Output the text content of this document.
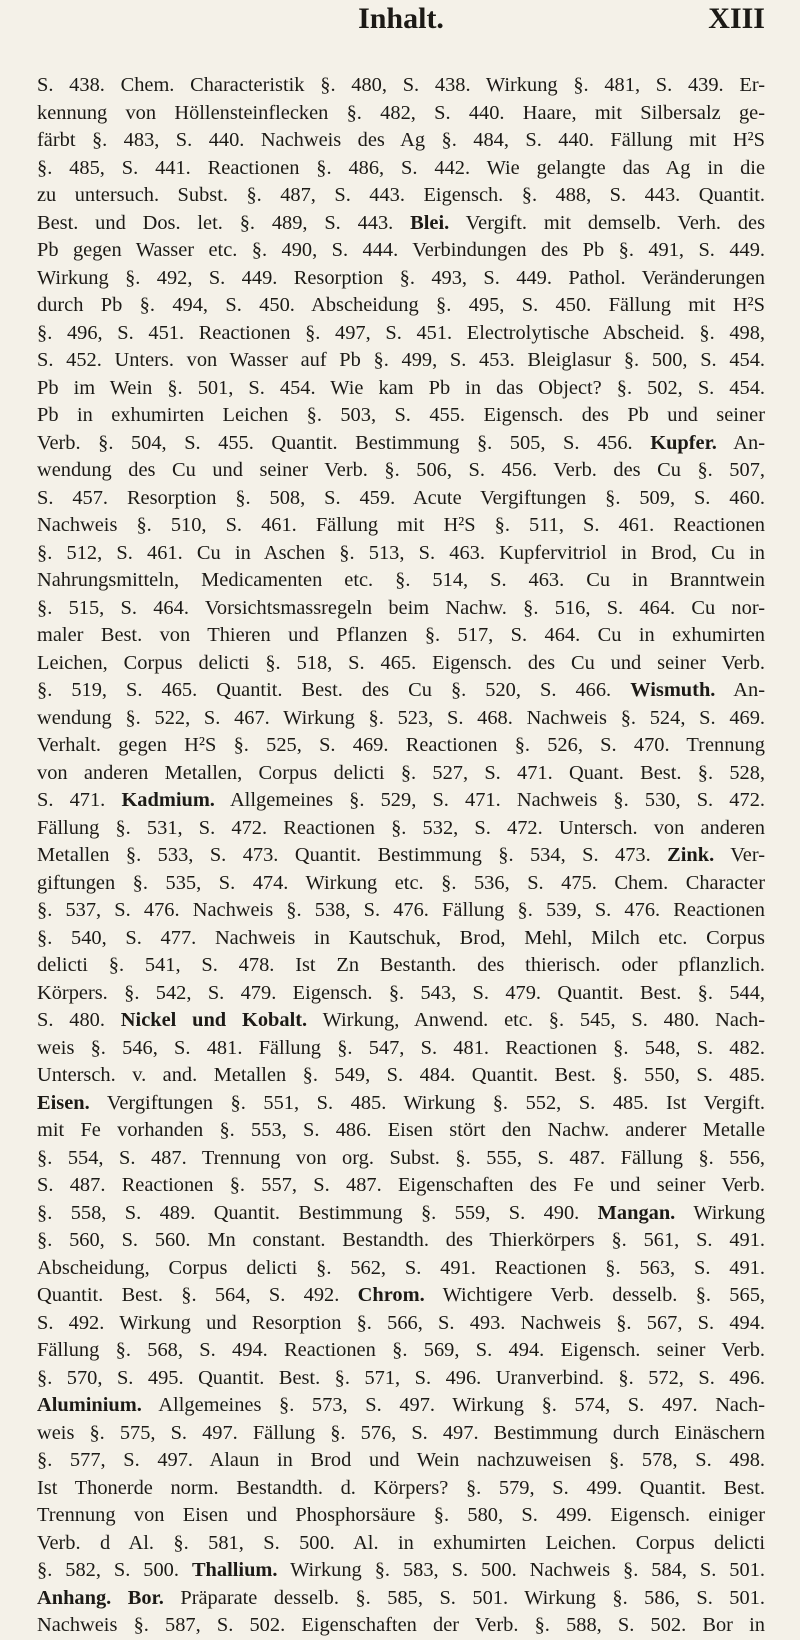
Inhalt.	XIII
S. 438. Chem. Characteristik §. 480, S. 438. Wirkung §. 481, S. 439. Er-
kennung von Höllensteinflecken §. 482, S. 440. Haare, mit Silbersalz ge-
färbt §. 483, S. 440. Nachweis des Ag §. 484, S. 440. Fällung mit H²S
§. 485, S. 441. Reactionen §. 486, S. 442. Wie gelangte das Ag in die
zu untersuch. Subst. §. 487, S. 443. Eigensch. §. 488, S. 443. Quantit.
Best. und Dos. let. §. 489, S. 443. Blei. Vergift. mit demselb. Verh. des
Pb gegen Wasser etc. §. 490, S. 444. Verbindungen des Pb §. 491, S. 449.
Wirkung §. 492, S. 449. Resorption §. 493, S. 449. Pathol. Veränderungen
durch Pb §. 494, S. 450. Abscheidung §. 495, S. 450. Fällung mit H²S
§. 496, S. 451. Reactionen §. 497, S. 451. Electrolytische Abscheid. §. 498,
S. 452. Unters. von Wasser auf Pb §. 499, S. 453. Bleiglasur §. 500, S. 454.
Pb im Wein §. 501, S. 454. Wie kam Pb in das Object? §. 502, S. 454.
Pb in exhumirten Leichen §. 503, S. 455. Eigensch. des Pb und seiner
Verb. §. 504, S. 455. Quantit. Bestimmung §. 505, S. 456. Kupfer. An-
wendung des Cu und seiner Verb. §. 506, S. 456. Verb. des Cu §. 507,
S. 457. Resorption §. 508, S. 459. Acute Vergiftungen §. 509, S. 460.
Nachweis §. 510, S. 461. Fällung mit H²S §. 511, S. 461. Reactionen
§. 512, S. 461. Cu in Aschen §. 513, S. 463. Kupfervitriol in Brod, Cu in
Nahrungsmitteln, Medicamenten etc. §. 514, S. 463. Cu in Branntwein
§. 515, S. 464. Vorsichtsmassregeln beim Nachw. §. 516, S. 464. Cu nor-
maler Best. von Thieren und Pflanzen §. 517, S. 464. Cu in exhumirten
Leichen, Corpus delicti §. 518, S. 465. Eigensch. des Cu und seiner Verb.
§. 519, S. 465. Quantit. Best. des Cu §. 520, S. 466. Wismuth. An-
wendung §. 522, S. 467. Wirkung §. 523, S. 468. Nachweis §. 524, S. 469.
Verhalt. gegen H²S §. 525, S. 469. Reactionen §. 526, S. 470. Trennung
von anderen Metallen, Corpus delicti §. 527, S. 471. Quant. Best. §. 528,
S. 471. Kadmium. Allgemeines §. 529, S. 471. Nachweis §. 530, S. 472.
Fällung §. 531, S. 472. Reactionen §. 532, S. 472. Untersch. von anderen
Metallen §. 533, S. 473. Quantit. Bestimmung §. 534, S. 473. Zink. Ver-
giftungen §. 535, S. 474. Wirkung etc. §. 536, S. 475. Chem. Character
§. 537, S. 476. Nachweis §. 538, S. 476. Fällung §. 539, S. 476. Reactionen
§. 540, S. 477. Nachweis in Kautschuk, Brod, Mehl, Milch etc. Corpus
delicti §. 541, S. 478. Ist Zn Bestanth. des thierisch. oder pflanzlich.
Körpers. §. 542, S. 479. Eigensch. §. 543, S. 479. Quantit. Best. §. 544,
S. 480. Nickel und Kobalt. Wirkung, Anwend. etc. §. 545, S. 480. Nach-
weis §. 546, S. 481. Fällung §. 547, S. 481. Reactionen §. 548, S. 482.
Untersch. v. and. Metallen §. 549, S. 484. Quantit. Best. §. 550, S. 485.
Eisen. Vergiftungen §. 551, S. 485. Wirkung §. 552, S. 485. Ist Vergift.
mit Fe vorhanden §. 553, S. 486. Eisen stört den Nachw. anderer Metalle
§. 554, S. 487. Trennung von org. Subst. §. 555, S. 487. Fällung §. 556,
S. 487. Reactionen §. 557, S. 487. Eigenschaften des Fe und seiner Verb.
§. 558, S. 489. Quantit. Bestimmung §. 559, S. 490. Mangan. Wirkung
§. 560, S. 560. Mn constant. Bestandth. des Thierkörpers §. 561, S. 491.
Abscheidung, Corpus delicti §. 562, S. 491. Reactionen §. 563, S. 491.
Quantit. Best. §. 564, S. 492. Chrom. Wichtigere Verb. desselb. §. 565,
S. 492. Wirkung und Resorption §. 566, S. 493. Nachweis §. 567, S. 494.
Fällung §. 568, S. 494. Reactionen §. 569, S. 494. Eigensch. seiner Verb.
§. 570, S. 495. Quantit. Best. §. 571, S. 496. Uranverbind. §. 572, S. 496.
Aluminium. Allgemeines §. 573, S. 497. Wirkung §. 574, S. 497. Nach-
weis §. 575, S. 497. Fällung §. 576, S. 497. Bestimmung durch Einäschern
§. 577, S. 497. Alaun in Brod und Wein nachzuweisen §. 578, S. 498.
Ist Thonerde norm. Bestandth. d. Körpers? §. 579, S. 499. Quantit. Best.
Trennung von Eisen und Phosphorsäure §. 580, S. 499. Eigensch. einiger
Verb. d Al. §. 581, S. 500. Al. in exhumirten Leichen. Corpus delicti
§. 582, S. 500. Thallium. Wirkung §. 583, S. 500. Nachweis §. 584, S. 501.
Anhang. Bor. Präparate desselb. §. 585, S. 501. Wirkung §. 586, S. 501.
Nachweis §. 587, S. 502. Eigenschaften der Verb. §. 588, S. 502. Bor in
